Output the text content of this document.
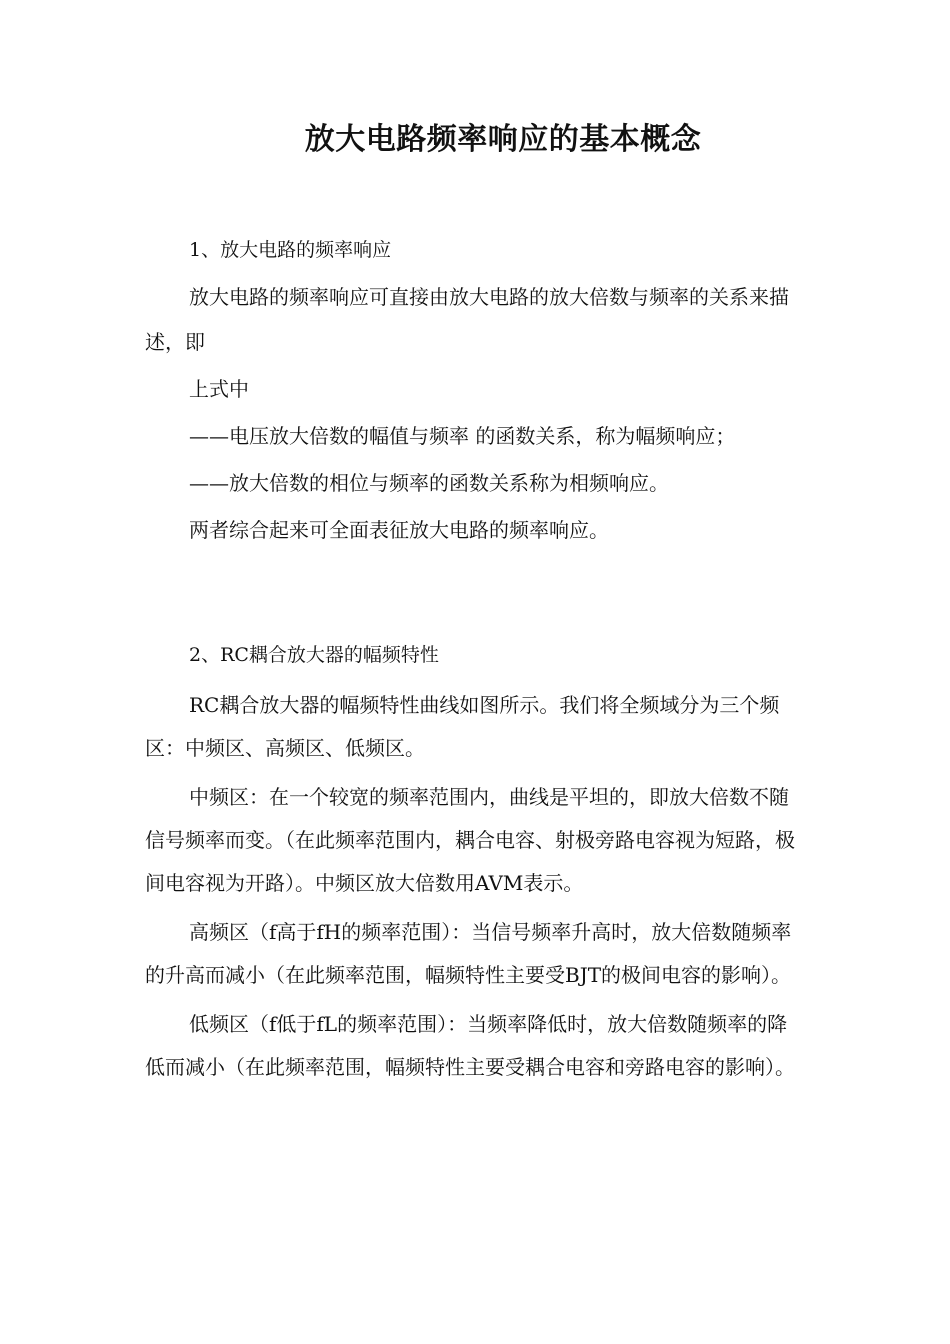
放大电路频率响应的基本概念

1、放大电路的频率响应

放大电路的频率响应可直接由放大电路的放大倍数与频率的关系来描述，即

上式中

——电压放大倍数的幅值与频率 的函数关系，称为幅频响应；

——放大倍数的相位与频率的函数关系称为相频响应。

两者综合起来可全面表征放大电路的频率响应。

2、RC耦合放大器的幅频特性

RC耦合放大器的幅频特性曲线如图所示。我们将全频域分为三个频区：中频区、高频区、低频区。

中频区：在一个较宽的频率范围内，曲线是平坦的，即放大倍数不随信号频率而变。（在此频率范围内，耦合电容、射极旁路电容视为短路，极间电容视为开路）。中频区放大倍数用AVM表示。

高频区（f高于fH的频率范围）：当信号频率升高时，放大倍数随频率的升高而减小（在此频率范围，幅频特性主要受BJT的极间电容的影响）。

低频区（f低于fL的频率范围）：当频率降低时，放大倍数随频率的降低而减小（在此频率范围，幅频特性主要受耦合电容和旁路电容的影响）。
